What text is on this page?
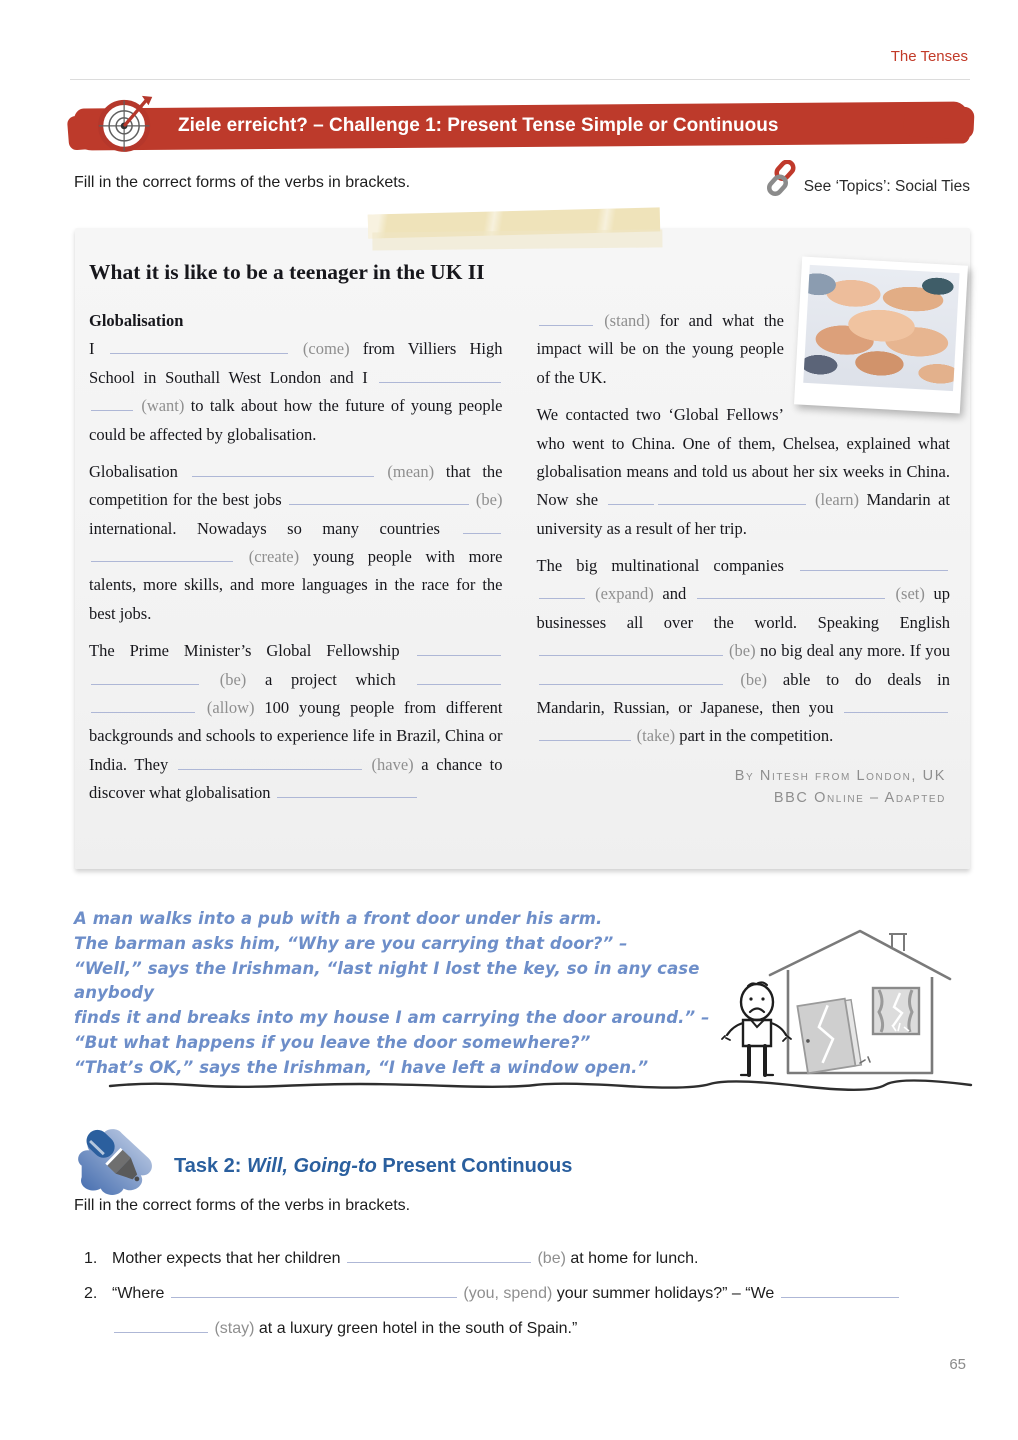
The Tenses
Ziele erreicht? – Challenge 1: Present Tense Simple or Continuous
Fill in the correct forms of the verbs in brackets.	See ‘Topics’: Social Ties
What it is like to be a teenager in the UK II
Globalisation

I	(come) from Villiers High School in Southall West London and I  (want) to talk about how the future of young people could be affected by globalisation.

Globalisation	(mean) that the competition for the best jobs	(be) international. Nowadays so many countries  (create) young people with more talents, more skills, and more languages in the race for the best jobs.

The Prime Minister’s Global Fellowship  (be) a project which  (allow) 100 young people from different backgrounds and schools to experience life in Brazil, China or India. They	(have) a chance to discover what globalisation

(stand) for and what the impact will be on the young people of the UK.

We contacted two ‘Global Fellows’ who went to China. One of them, Chelsea, explained what globalisation means and told us about her six weeks in China. Now she	(learn) Mandarin at university as a result of her trip.

The big multinational companies  (expand) and	(set) up businesses all over the world. Speaking English  (be) no big deal any more. If you  (be) able to do deals in Mandarin, Russian, or Japanese, then you  (take) part in the competition.

By Nitesh from London, UK
BBC Online – Adapted
A man walks into a pub with a front door under his arm.
The barman asks him, “Why are you carrying that door?” –
“Well,” says the Irishman, “last night I lost the key, so in any case anybody
finds it and breaks into my house I am carrying the door around.” –
“But what happens if you leave the door somewhere?”
“That’s OK,” says the Irishman, “I have left a window open.”
Task 2: Will, Going-to Present Continuous
Fill in the correct forms of the verbs in brackets.
1. Mother expects that her children	(be) at home for lunch.
2. “Where	(you, spend) your summer holidays?” – “We  (stay) at a luxury green hotel in the south of Spain.”
65
